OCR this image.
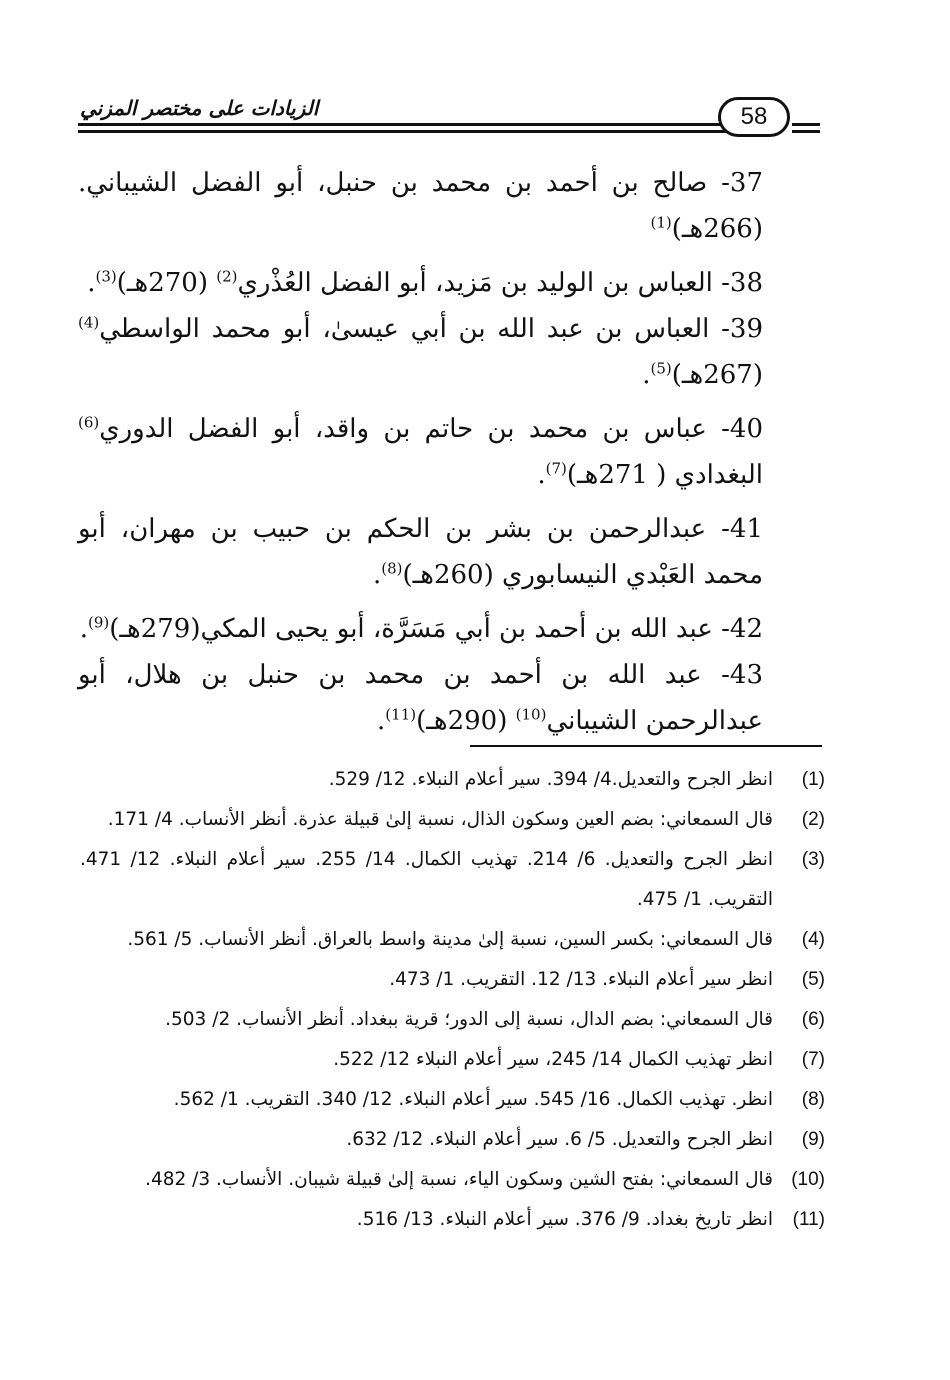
الزيادات على مختصر المزني	58
37- صالح بن أحمد بن محمد بن حنبل، أبو الفضل الشيباني.(266هـ)$^{(1)}$
38- العباس بن الوليد بن مَزيد، أبو الفضل العُذْري$^{(2)}$ (270هـ)$^{(3)}$.
39- العباس بن عبد الله بن أبي عيسىٰ، أبو محمد الواسطي$^{(4)}$ (267هـ)$^{(5)}$.
40- عباس بن محمد بن حاتم بن واقد، أبو الفضل الدوري$^{(6)}$ البغدادي ( 271هـ)$^{(7)}$.
41- عبدالرحمن بن بشر بن الحكم بن حبيب بن مهران، أبو محمد العَبْدي النيسابوري (260هـ)$^{(8)}$.
42- عبد الله بن أحمد بن أبي مَسَرَّة، أبو يحيى المكي(279هـ)$^{(9)}$.
43- عبد الله بن أحمد بن محمد بن حنبل بن هلال، أبو عبدالرحمن الشيباني$^{(10)}$ (290هـ)$^{(11)}$.
(1)
انظر الجرح والتعديل.4/ 394. سير أعلام النبلاء. 12/ 529.
(2)
قال السمعاني: بضم العين وسكون الذال، نسبة إلىٰ قبيلة عذرة. أنظر الأنساب. 4/ 171.
(3)
انظر الجرح والتعديل. 6/ 214. تهذيب الكمال. 14/ 255. سير أعلام النبلاء. 12/ 471. التقريب. 1/ 475.
(4)
قال السمعاني: بكسر السين، نسبة إلىٰ مدينة واسط بالعراق. أنظر الأنساب. 5/ 561.
(5)
انظر سير أعلام النبلاء. 13/ 12. التقريب. 1/ 473.
(6)
قال السمعاني: بضم الدال، نسبة إلى الدور؛ قرية ببغداد. أنظر الأنساب. 2/ 503.
(7)
انظر تهذيب الكمال 14/ 245، سير أعلام النبلاء 12/ 522.
(8)
انظر. تهذيب الكمال. 16/ 545. سير أعلام النبلاء. 12/ 340. التقريب. 1/ 562.
(9)
انظر الجرح والتعديل. 5/ 6. سير أعلام النبلاء. 12/ 632.
(10)
قال السمعاني: بفتح الشين وسكون الياء، نسبة إلىٰ قبيلة شيبان. الأنساب. 3/ 482.
(11)
انظر تاريخ بغداد. 9/ 376. سير أعلام النبلاء. 13/ 516.
